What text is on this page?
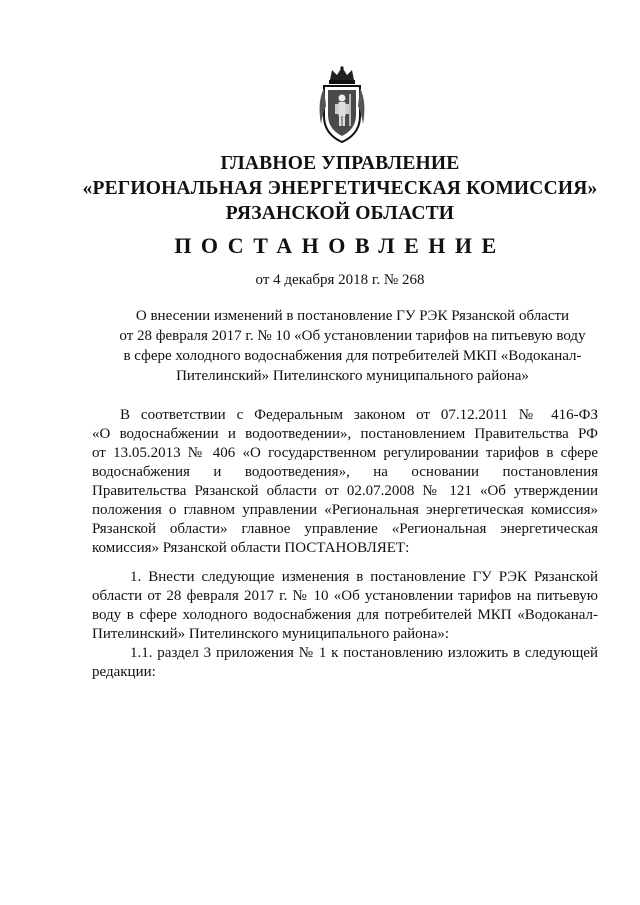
ГЛАВНОЕ УПРАВЛЕНИЕ
«РЕГИОНАЛЬНАЯ ЭНЕРГЕТИЧЕСКАЯ КОМИССИЯ»
РЯЗАНСКОЙ ОБЛАСТИ
ПОСТАНОВЛЕНИЕ
от 4 декабря 2018 г. № 268
О внесении изменений в постановление ГУ РЭК Рязанской области
от 28 февраля 2017 г. № 10 «Об установлении тарифов на питьевую воду
в сфере холодного водоснабжения для потребителей МКП «Водоканал-
Пителинский» Пителинского муниципального района»
В соответствии с Федеральным законом от 07.12.2011 № 416-ФЗ
«О водоснабжении и водоотведении», постановлением Правительства РФ
от 13.05.2013 № 406 «О государственном регулировании тарифов в сфере
водоснабжения и водоотведения», на основании постановления
Правительства Рязанской области от 02.07.2008 № 121 «Об утверждении
положения о главном управлении «Региональная энергетическая комиссия»
Рязанской области» главное управление «Региональная энергетическая
комиссия» Рязанской области ПОСТАНОВЛЯЕТ:
1. Внести следующие изменения в постановление ГУ РЭК Рязанской
области от 28 февраля 2017 г. № 10 «Об установлении тарифов на питьевую
воду в сфере холодного водоснабжения для потребителей МКП «Водоканал-
Пителинский» Пителинского муниципального района»:
1.1. раздел 3 приложения № 1 к постановлению изложить в следующей
редакции:
